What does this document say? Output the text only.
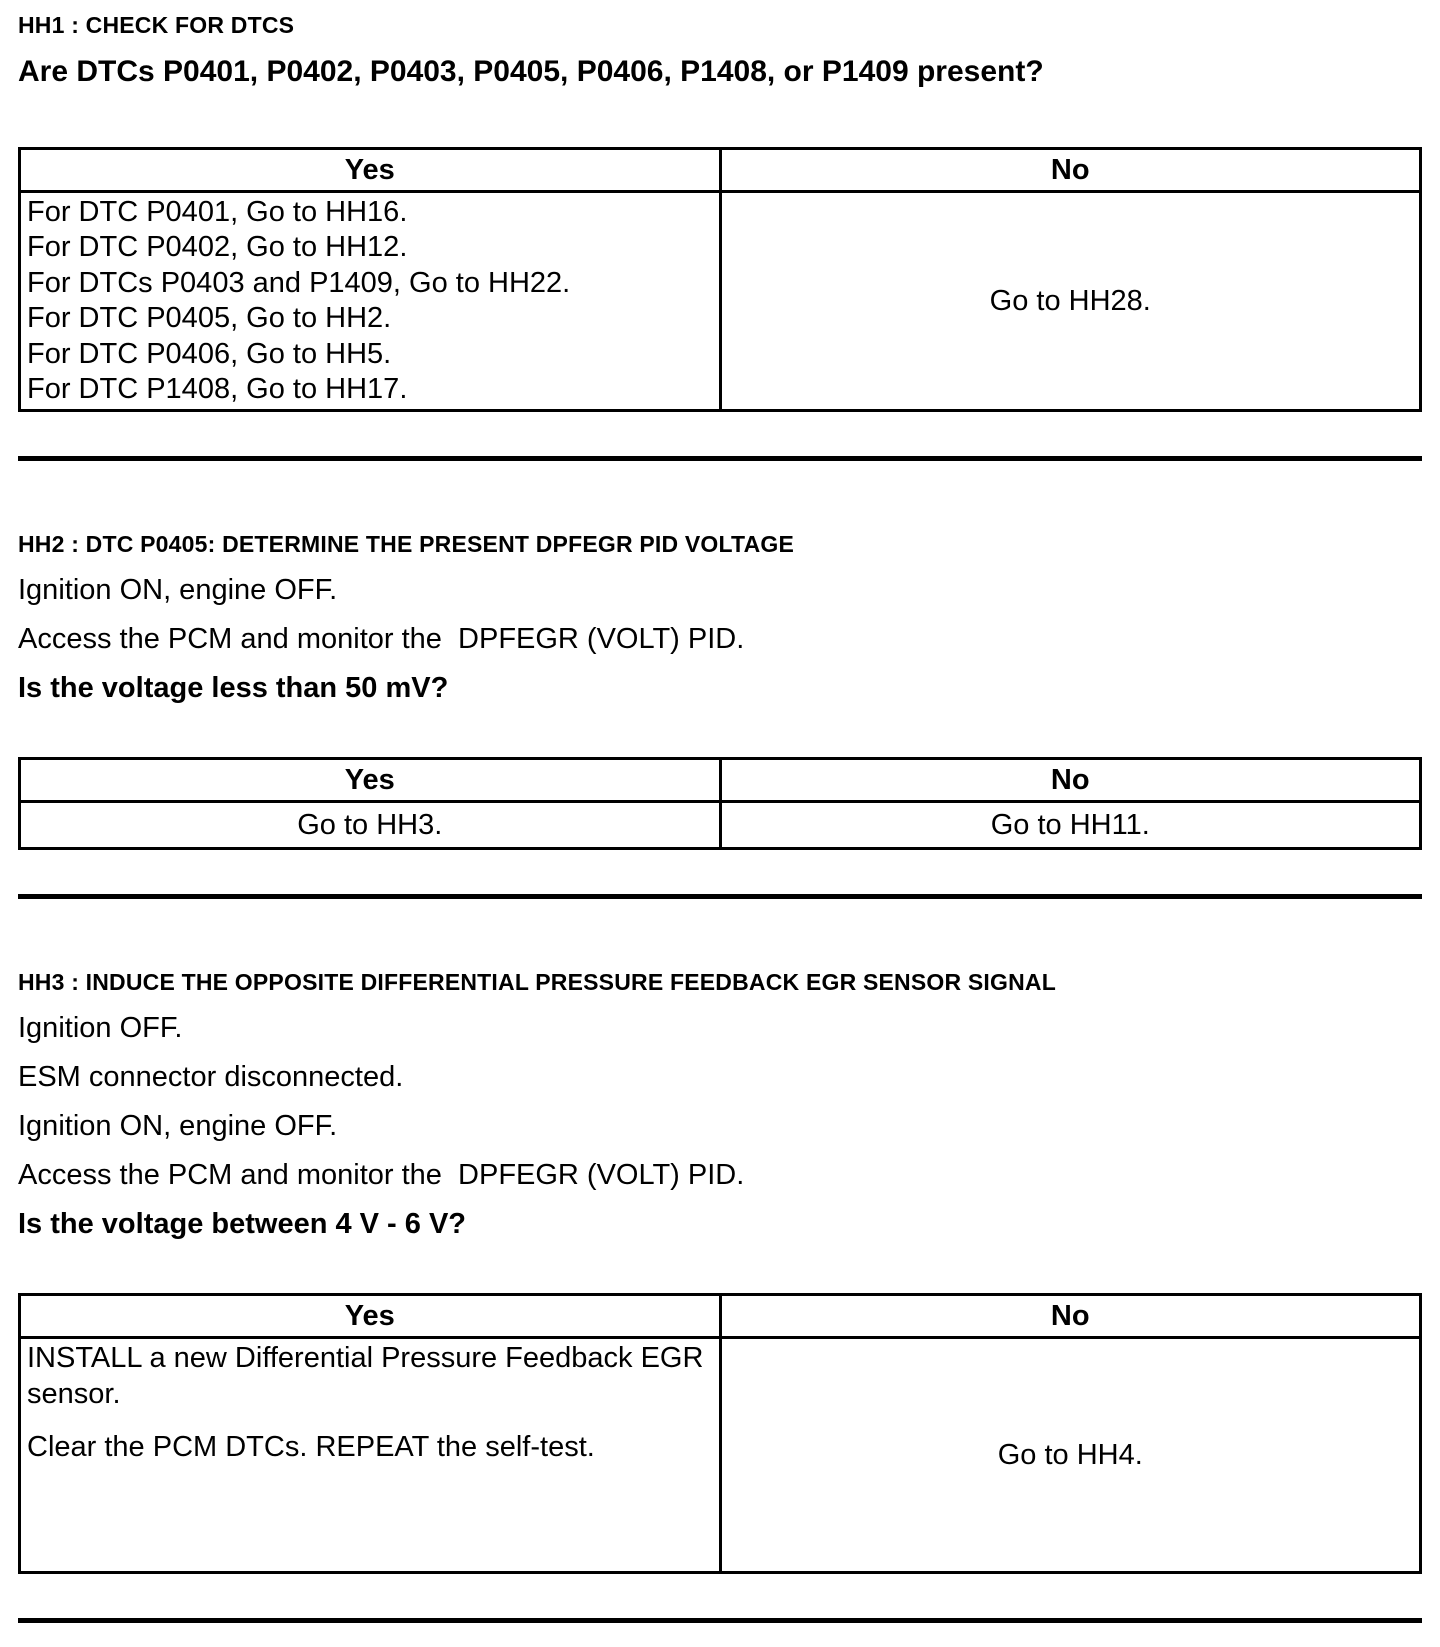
HH1 : CHECK FOR DTCS

Are DTCs P0401, P0402, P0403, P0405, P0406, P1408, or P1409 present?

Yes	No

For DTC P0401, Go to HH16.

For DTC P0402, Go to HH12.

For DTCs P0403 and P1409, Go to HH22.

For DTC P0405, Go to HH2.

For DTC P0406, Go to HH5.

For DTC P1408, Go to HH17.

	Go to HH28.
HH2 : DTC P0405: DETERMINE THE PRESENT DPFEGR PID VOLTAGE

Ignition ON, engine OFF.

Access the PCM and monitor the  DPFEGR (VOLT) PID.

Is the voltage less than 50 mV?

Yes	No
Go to HH3.	Go to HH11.
HH3 : INDUCE THE OPPOSITE DIFFERENTIAL PRESSURE FEEDBACK EGR SENSOR SIGNAL

Ignition OFF.

ESM connector disconnected.

Ignition ON, engine OFF.

Access the PCM and monitor the  DPFEGR (VOLT) PID.

Is the voltage between 4 V - 6 V?

Yes	No

INSTALL a new Differential Pressure Feedback EGR sensor.

Clear the PCM DTCs. REPEAT the self-test.	Go to HH4.
